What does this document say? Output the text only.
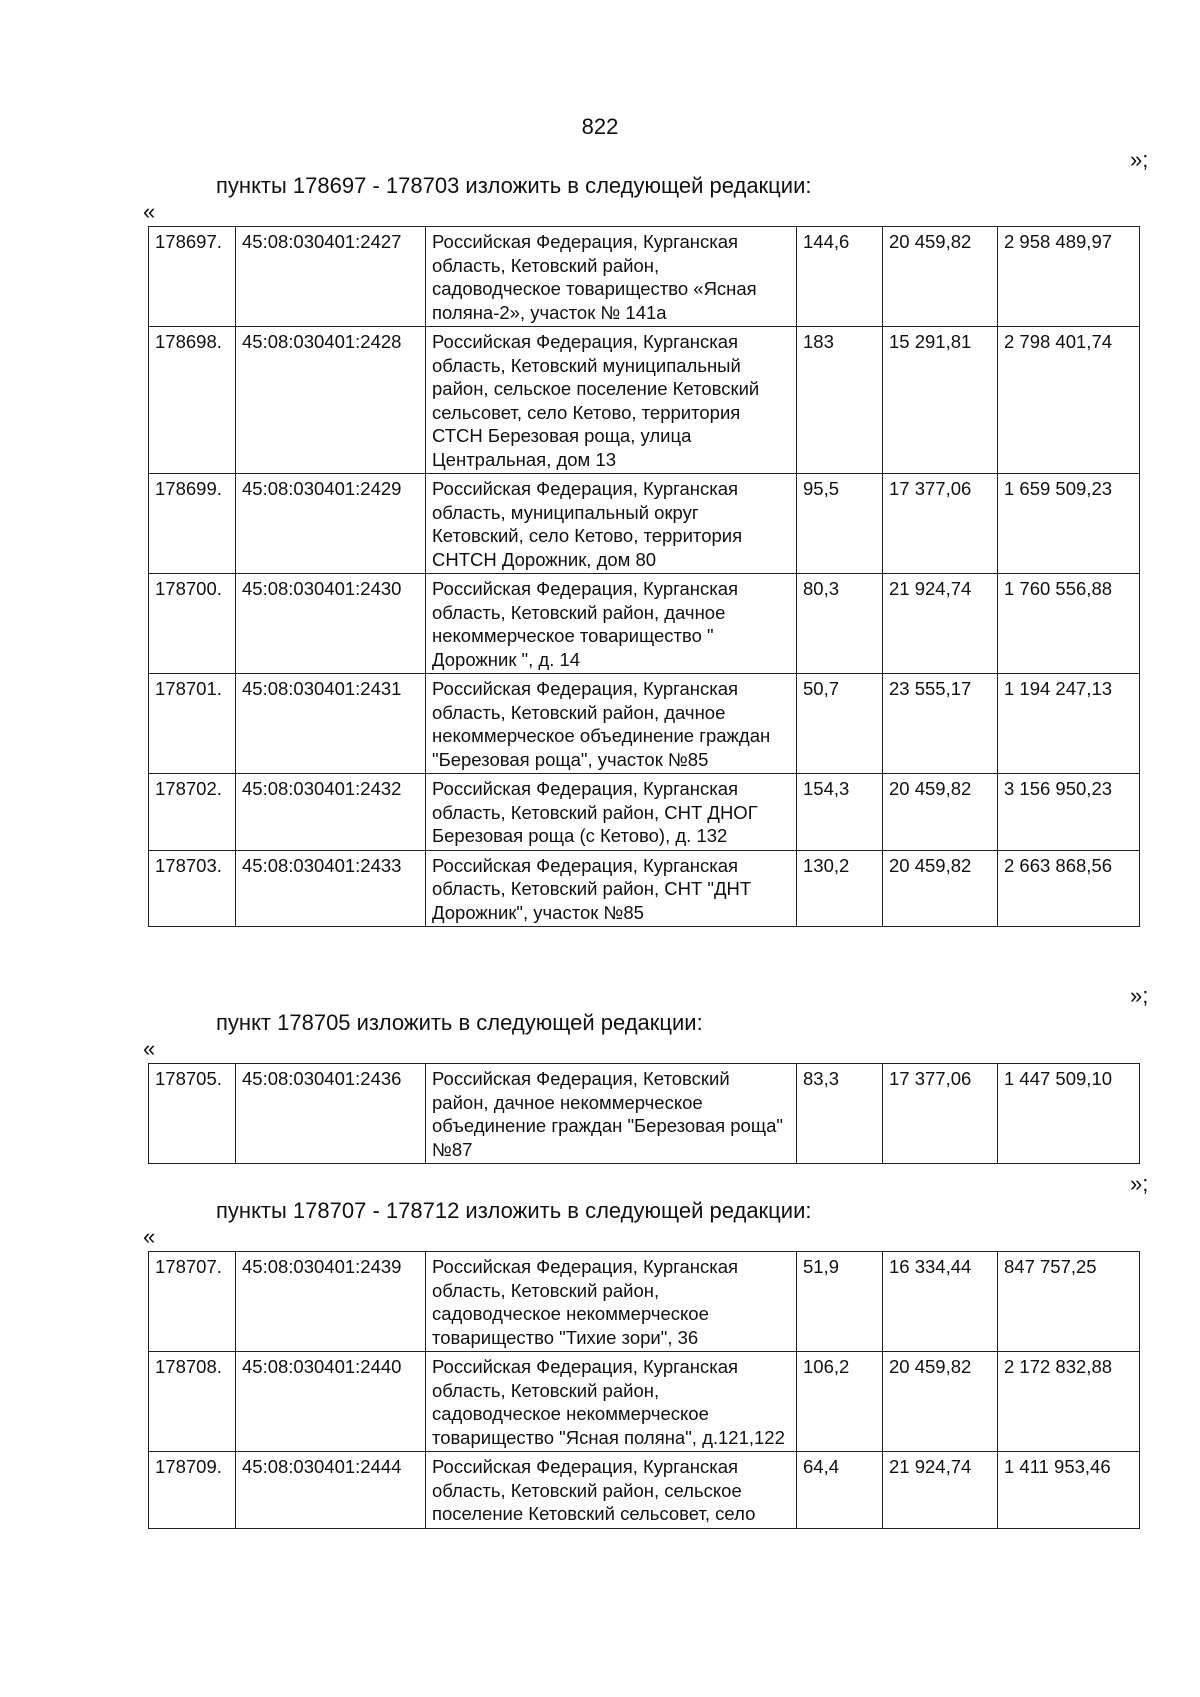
822
»;
пункты 178697 - 178703 изложить в следующей редакции:
«
178697.	45:08:030401:2427	Российская Федерация, Курганская область, Кетовский район, садоводческое товарищество «Ясная поляна-2», участок № 141а	144,6	20 459,82	2 958 489,97
178698.	45:08:030401:2428	Российская Федерация, Курганская область, Кетовский муниципальный район, сельское поселение Кетовский сельсовет, село Кетово, территория СТСН Березовая роща, улица Центральная, дом 13	183	15 291,81	2 798 401,74
178699.	45:08:030401:2429	Российская Федерация, Курганская область, муниципальный округ Кетовский, село Кетово, территория СНТСН Дорожник, дом 80	95,5	17 377,06	1 659 509,23
178700.	45:08:030401:2430	Российская Федерация, Курганская область, Кетовский район, дачное некоммерческое товарищество " Дорожник ", д. 14	80,3	21 924,74	1 760 556,88
178701.	45:08:030401:2431	Российская Федерация, Курганская область, Кетовский район, дачное некоммерческое объединение граждан "Березовая роща", участок №85	50,7	23 555,17	1 194 247,13
178702.	45:08:030401:2432	Российская Федерация, Курганская область, Кетовский район, СНТ ДНОГ Березовая роща (с Кетово), д. 132	154,3	20 459,82	3 156 950,23
178703.	45:08:030401:2433	Российская Федерация, Курганская область, Кетовский район, СНТ "ДНТ Дорожник", участок №85	130,2	20 459,82	2 663 868,56
»;
пункт 178705 изложить в следующей редакции:
«
178705.	45:08:030401:2436	Российская Федерация, Кетовский район, дачное некоммерческое объединение граждан "Березовая роща" №87	83,3	17 377,06	1 447 509,10
»;
пункты 178707 - 178712 изложить в следующей редакции:
«
178707.	45:08:030401:2439	Российская Федерация, Курганская область, Кетовский район, садоводческое некоммерческое товарищество "Тихие зори", 36	51,9	16 334,44	847 757,25
178708.	45:08:030401:2440	Российская Федерация, Курганская область, Кетовский район, садоводческое некоммерческое товарищество "Ясная поляна", д.121,122	106,2	20 459,82	2 172 832,88
178709.	45:08:030401:2444	Российская Федерация, Курганская область, Кетовский район, сельское поселение Кетовский сельсовет, село	64,4	21 924,74	1 411 953,46
